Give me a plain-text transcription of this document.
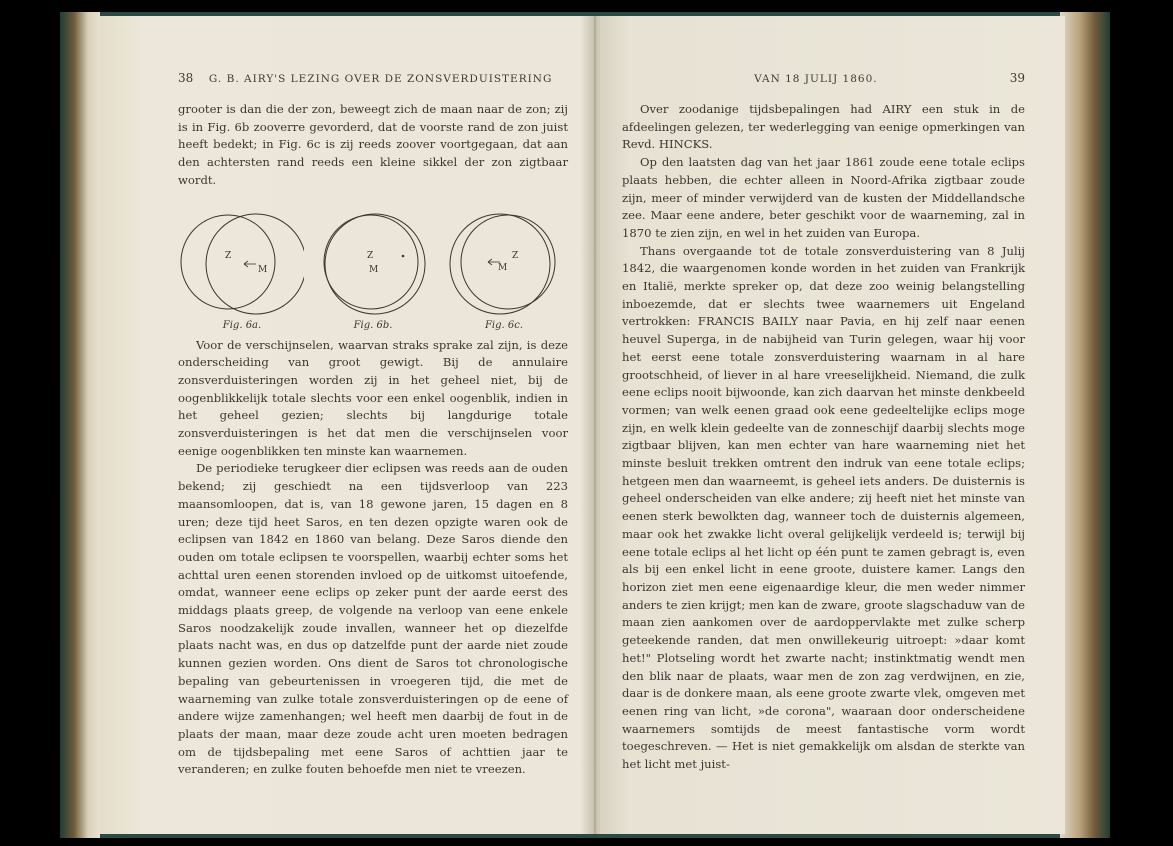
38	G. B. AIRY'S LEZING OVER DE ZONSVERDUISTERING

grooter is dan die der zon, beweegt zich de maan naar de zon; zij is in Fig. 6b zooverre gevorderd, dat de voorste rand de zon juist heeft bedekt; in Fig. 6c is zij reeds zoover voortgegaan, dat aan den achtersten rand reeds een kleine sikkel der zon zigtbaar wordt.

Z
M
Fig. 6a.
Z
M
Fig. 6b.
Z
M
Fig. 6c.

Voor de verschijnselen, waarvan straks sprake zal zijn, is deze onderscheiding van groot gewigt. Bij de annulaire zonsverduisteringen worden zij in het geheel niet, bij de oogenblikkelijk totale slechts voor een enkel oogenblik, indien in het geheel gezien; slechts bij langdurige totale zonsverduisteringen is het dat men die verschijnselen voor eenige oogenblikken ten minste kan waarnemen.

De periodieke terugkeer dier eclipsen was reeds aan de ouden bekend; zij geschiedt na een tijdsverloop van 223 maansomloopen, dat is, van 18 gewone jaren, 15 dagen en 8 uren; deze tijd heet Saros, en ten dezen opzigte waren ook de eclipsen van 1842 en 1860 van belang. Deze Saros diende den ouden om totale eclipsen te voorspellen, waarbij echter soms het achttal uren eenen storenden invloed op de uitkomst uitoefende, omdat, wanneer eene eclips op zeker punt der aarde eerst des middags plaats greep, de volgende na verloop van eene enkele Saros noodzakelijk zoude invallen, wanneer het op diezelfde plaats nacht was, en dus op datzelfde punt der aarde niet zoude kunnen gezien worden. Ons dient de Saros tot chronologische bepaling van gebeurtenissen in vroegeren tijd, die met de waarneming van zulke totale zonsverduisteringen op de eene of andere wijze zamenhangen; wel heeft men daarbij de fout in de plaats der maan, maar deze zoude acht uren moeten bedragen om de tijdsbepaling met eene Saros of achttien jaar te veranderen; en zulke fouten behoefde men niet te vreezen.

VAN 18 JULIJ 1860.	39

Over zoodanige tijdsbepalingen had AIRY een stuk in de afdeelingen gelezen, ter wederlegging van eenige opmerkingen van Revd. HINCKS.

Op den laatsten dag van het jaar 1861 zoude eene totale eclips plaats hebben, die echter alleen in Noord-Afrika zigtbaar zoude zijn, meer of minder verwijderd van de kusten der Middellandsche zee. Maar eene andere, beter geschikt voor de waarneming, zal in 1870 te zien zijn, en wel in het zuiden van Europa.

Thans overgaande tot de totale zonsverduistering van 8 Julij 1842, die waargenomen konde worden in het zuiden van Frankrijk en Italië, merkte spreker op, dat deze zoo weinig belangstelling inboezemde, dat er slechts twee waarnemers uit Engeland vertrokken: FRANCIS BAILY naar Pavia, en hij zelf naar eenen heuvel Superga, in de nabijheid van Turin gelegen, waar hij voor het eerst eene totale zonsverduistering waarnam in al hare grootschheid, of liever in al hare vreeselijkheid. Niemand, die zulk eene eclips nooit bijwoonde, kan zich daarvan het minste denkbeeld vormen; van welk eenen graad ook eene gedeeltelijke eclips moge zijn, en welk klein gedeelte van de zonneschijf daarbij slechts moge zigtbaar blijven, kan men echter van hare waarneming niet het minste besluit trekken omtrent den indruk van eene totale eclips; hetgeen men dan waarneemt, is geheel iets anders. De duisternis is geheel onderscheiden van elke andere; zij heeft niet het minste van eenen sterk bewolkten dag, wanneer toch de duisternis algemeen, maar ook het zwakke licht overal gelijkelijk verdeeld is; terwijl bij eene totale eclips al het licht op één punt te zamen gebragt is, even als bij een enkel licht in eene groote, duistere kamer. Langs den horizon ziet men eene eigenaardige kleur, die men weder nimmer anders te zien krijgt; men kan de zware, groote slagschaduw van de maan zien aankomen over de aardoppervlakte met zulke scherp geteekende randen, dat men onwillekeurig uitroept: »daar komt het!" Plotseling wordt het zwarte nacht; instinktmatig wendt men den blik naar de plaats, waar men de zon zag verdwijnen, en zie, daar is de donkere maan, als eene groote zwarte vlek, omgeven met eenen ring van licht, »de corona", waaraan door onderscheidene waarnemers somtijds de meest fantastische vorm wordt toegeschreven. — Het is niet gemakkelijk om alsdan de sterkte van het licht met juist-
